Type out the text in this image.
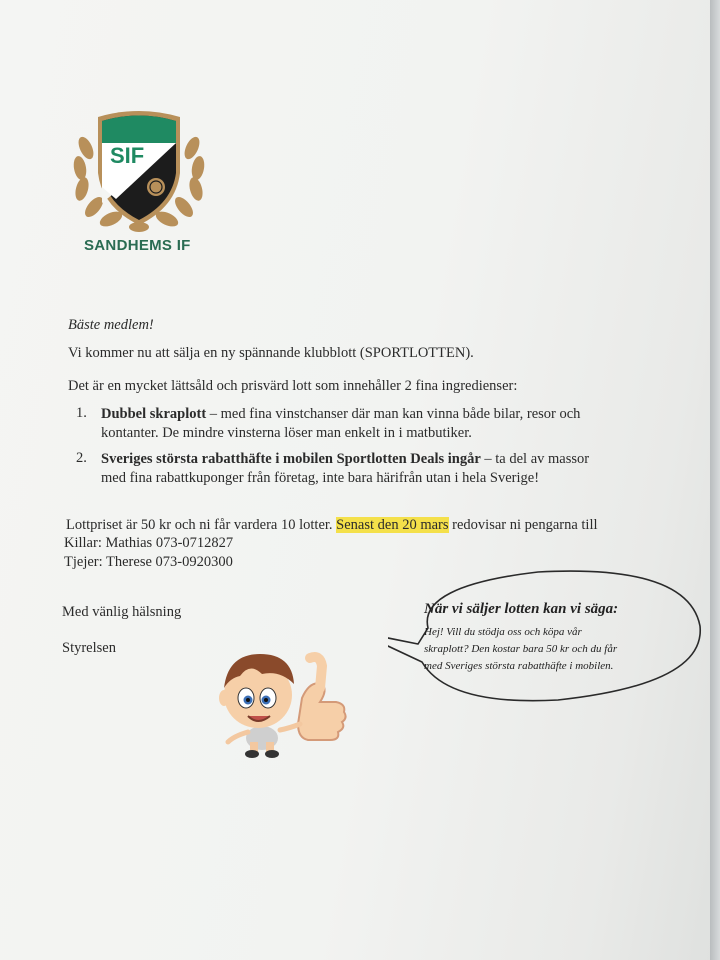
SIF
SANDHEMS IF
Bäste medlem!
Vi kommer nu att sälja en ny spännande klubblott (SPORTLOTTEN).
Det är en mycket lättsåld och prisvärd lott som innehåller 2 fina ingredienser:
1. Dubbel skraplott – med fina vinstchanser där man kan vinna både bilar, resor och
kontanter. De mindre vinsterna löser man enkelt in i matbutiker.
2. Sveriges största rabatthäfte i mobilen Sportlotten Deals ingår – ta del av massor
med fina rabattkuponger från företag, inte bara härifrån utan i hela Sverige!
Lottpriset är 50 kr och ni får vardera 10 lotter. Senast den 20 mars redovisar ni pengarna till
Killar: Mathias 073-0712827
Tjejer: Therese 073-0920300
Med vänlig hälsning
Styrelsen
När vi säljer lotten kan vi säga:
Hej! Vill du stödja oss och köpa vår
skraplott? Den kostar bara 50 kr och du får
med Sveriges största rabatthäfte i mobilen.
